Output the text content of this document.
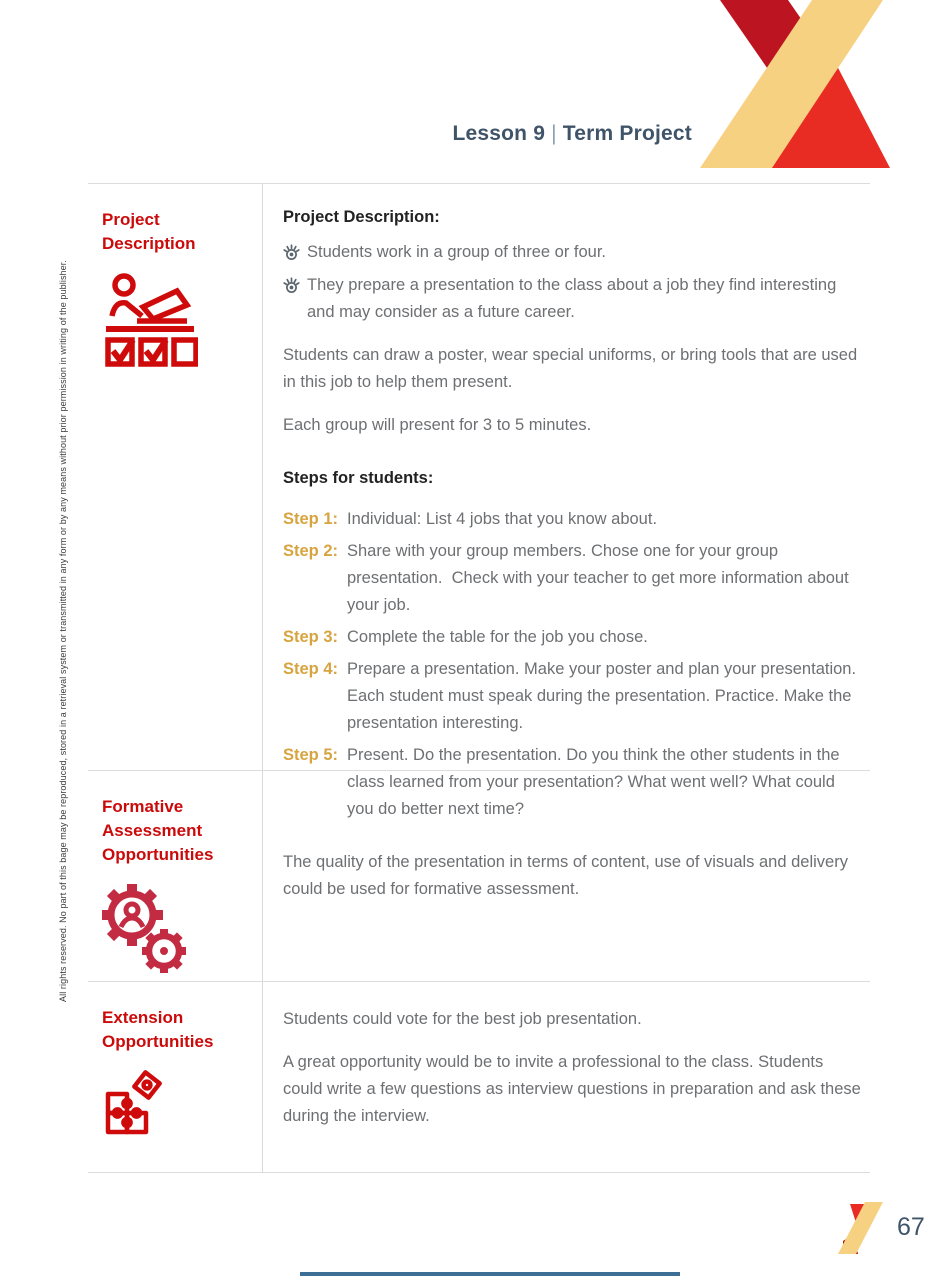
Lesson 9 | Term Project
All rights reserved. No part of this bage may be reproduced, stored in a retrieval system or transmitted in any form or by any means without prior permission in writing of the publisher.
Project Description
Project Description:
Students work in a group of three or four.
They prepare a presentation to the class about a job they find interesting and may consider as a future career.

Students can draw a poster, wear special uniforms, or bring tools that are used in this job to help them present.

Each group will present for 3 to 5 minutes.

Steps for students:
Step 1: Individual: List 4 jobs that you know about.
Step 2: Share with your group members. Chose one for your group presentation.  Check with your teacher to get more information about your job.
Step 3: Complete the table for the job you chose.
Step 4: Prepare a presentation. Make your poster and plan your presentation. Each student must speak during the presentation. Practice. Make the presentation interesting.
Step 5: Present. Do the presentation. Do you think the other students in the class learned from your presentation? What went well? What could you do better next time?
Formative Assessment Opportunities	The quality of the presentation in terms of content, use of visuals and delivery could be used for formative assessment.

Extension Opportunities

Students could vote for the best job presentation.

A great opportunity would be to invite a professional to the class. Students could write a few questions as interview questions in preparation and ask these during the interview.

67
